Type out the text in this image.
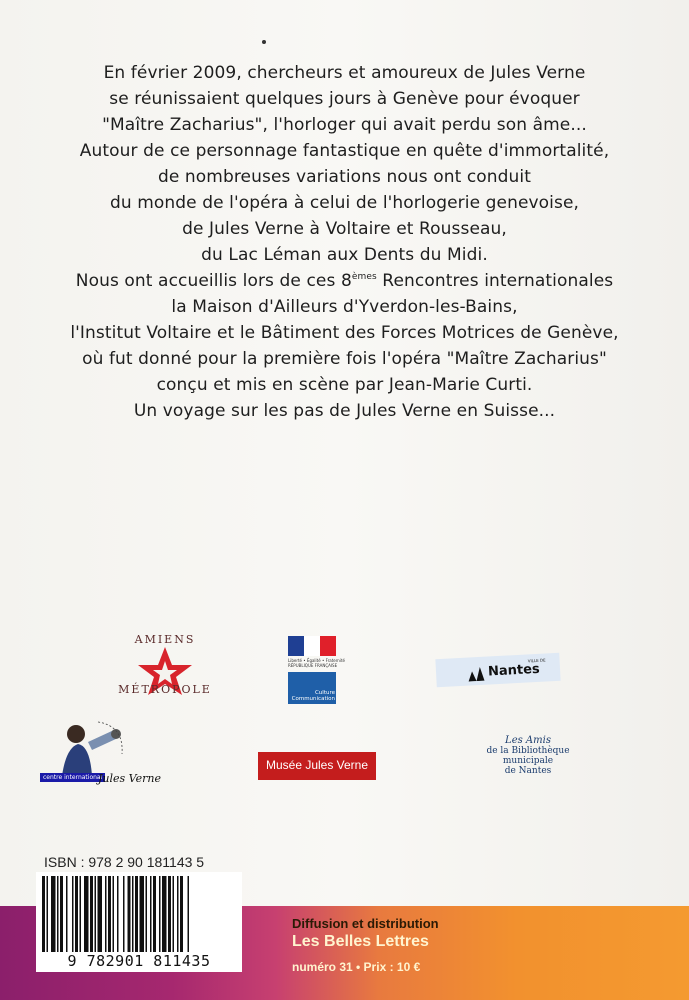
En février 2009, chercheurs et amoureux de Jules Verne
se réunissaient quelques jours à Genève pour évoquer
"Maître Zacharius", l'horloger qui avait perdu son âme...
Autour de ce personnage fantastique en quête d'immortalité,
de nombreuses variations nous ont conduit
du monde de l'opéra à celui de l'horlogerie genevoise,
de Jules Verne à Voltaire et Rousseau,
du Lac Léman aux Dents du Midi.
Nous ont accueillis lors de ces 8èmes Rencontres internationales
la Maison d'Ailleurs d'Yverdon-les-Bains,
l'Institut Voltaire et le Bâtiment des Forces Motrices de Genève,
où fut donné pour la première fois l'opéra "Maître Zacharius"
conçu et mis en scène par Jean-Marie Curti.
Un voyage sur les pas de Jules Verne en Suisse...
AMIENS
MÉTROPOLE
Liberté • Égalité • Fraternité
RÉPUBLIQUE FRANÇAISE
Culture
Communication
VILLE DE
Nantes
centre international
Jules Verne
Musée Jules Verne
Les Amis
de la Bibliothèque
municipale
de Nantes
ISBN : 978 2 90 181143 5
9 782901 811435
Diffusion et distribution
Les Belles Lettres
numéro 31 • Prix : 10 €
